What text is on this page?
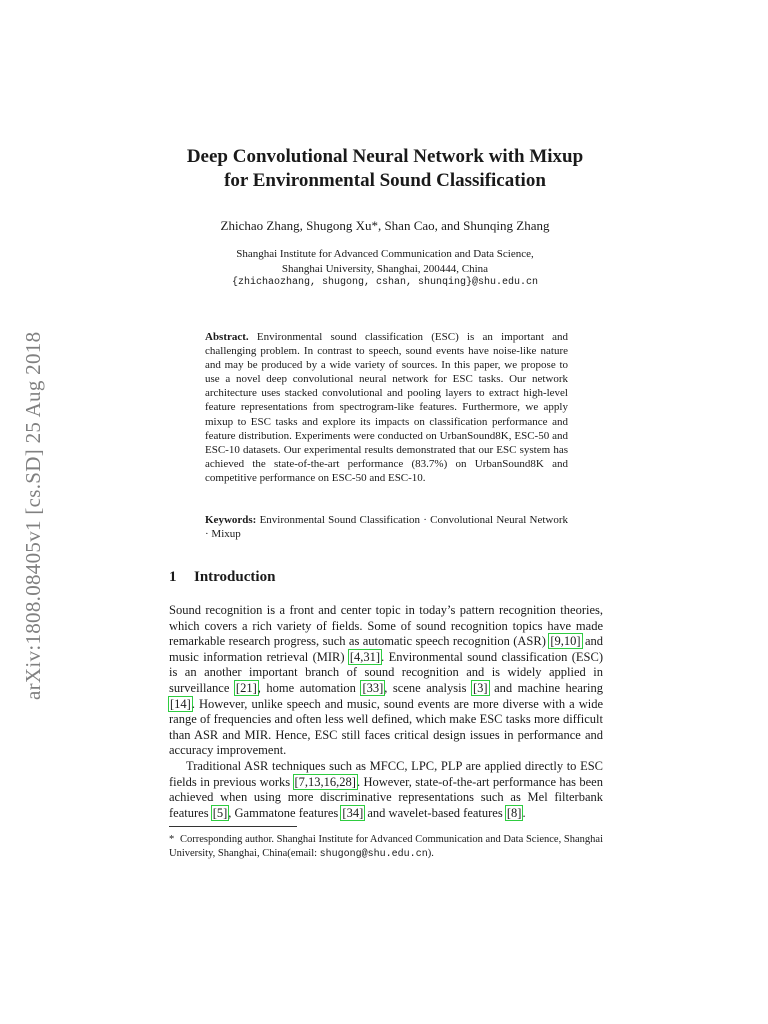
arXiv:1808.08405v1 [cs.SD] 25 Aug 2018
Deep Convolutional Neural Network with Mixup
for Environmental Sound Classification
Zhichao Zhang, Shugong Xu*, Shan Cao, and Shunqing Zhang
Shanghai Institute for Advanced Communication and Data Science,
Shanghai University, Shanghai, 200444, China
{zhichaozhang, shugong, cshan, shunqing}@shu.edu.cn
Abstract. Environmental sound classification (ESC) is an important and challenging problem. In contrast to speech, sound events have noise-like nature and may be produced by a wide variety of sources. In this paper, we propose to use a novel deep convolutional neural network for ESC tasks. Our network architecture uses stacked convolutional and pooling layers to extract high-level feature representations from spectrogram-like features. Furthermore, we apply mixup to ESC tasks and explore its impacts on classification performance and feature distribution. Experiments were conducted on UrbanSound8K, ESC-50 and ESC-10 datasets. Our experimental results demonstrated that our ESC system has achieved the state-of-the-art performance (83.7%) on UrbanSound8K and competitive performance on ESC-50 and ESC-10.
Keywords: Environmental Sound Classification · Convolutional Neural Network · Mixup
1 Introduction

Sound recognition is a front and center topic in today’s pattern recognition theories, which covers a rich variety of fields. Some of sound recognition topics have made remarkable research progress, such as automatic speech recognition (ASR) [9,10] and music information retrieval (MIR) [4,31]. Environmental sound classification (ESC) is an another important branch of sound recognition and is widely applied in surveillance [21], home automation [33], scene analysis [3] and machine hearing [14]. However, unlike speech and music, sound events are more diverse with a wide range of frequencies and often less well defined, which make ESC tasks more difficult than ASR and MIR. Hence, ESC still faces critical design issues in performance and accuracy improvement.

Traditional ASR techniques such as MFCC, LPC, PLP are applied directly to ESC fields in previous works [7,13,16,28]. However, state-of-the-art performance has been achieved when using more discriminative representations such as Mel filterbank features [5], Gammatone features [34] and wavelet-based features [8].

* Corresponding author. Shanghai Institute for Advanced Communication and Data Science, Shanghai University, Shanghai, China(email: shugong@shu.edu.cn).
